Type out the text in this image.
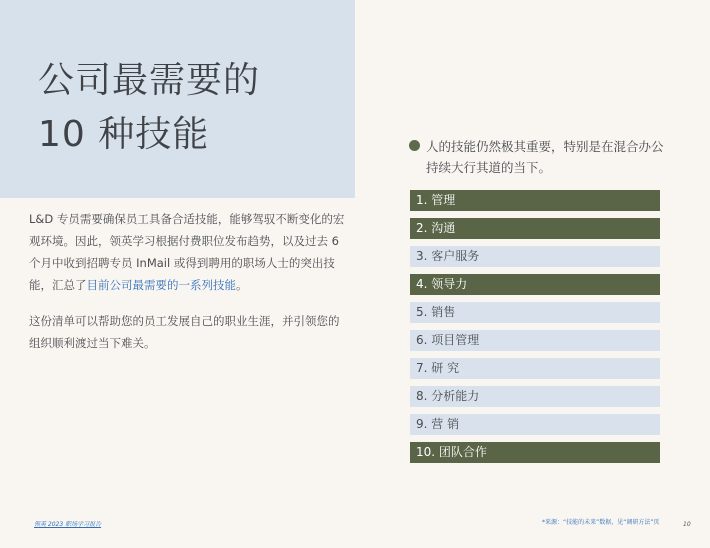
公司最需要的
10 种技能

L&D 专员需要确保员工具备合适技能，能够驾驭不断变化的宏观环境。因此，领英学习根据付费职位发布趋势，以及过去 6 个月中收到招聘专员 InMail 或得到聘用的职场人士的突出技能，汇总了目前公司最需要的一系列技能。

这份清单可以帮助您的员工发展自己的职业生涯，并引领您的组织顺利渡过当下难关。

人的技能仍然极其重要，特别是在混合办公持续大行其道的当下。
1. 管理
2. 沟通
3. 客户服务
4. 领导力
5. 销售
6. 项目管理
7. 研 究
8. 分析能力
9. 营 销
10. 团队合作
领英 2023 职场学习报告	*来源：“技能的未来”数据，见“调研方法”页	10
